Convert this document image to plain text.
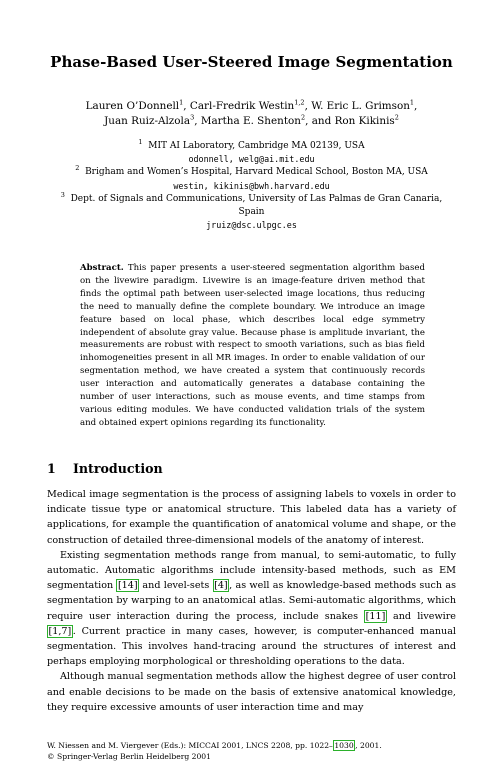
Phase-Based User-Steered Image Segmentation
Lauren O’Donnell$^1$, Carl-Fredrik Westin$^{1,2}$, W. Eric L. Grimson$^1$,
Juan Ruiz-Alzola$^3$, Martha E. Shenton$^2$, and Ron Kikinis$^2$
$^1$ MIT AI Laboratory, Cambridge MA 02139, USA
odonnell, welg@ai.mit.edu
$^2$ Brigham and Women’s Hospital, Harvard Medical School, Boston MA, USA
westin, kikinis@bwh.harvard.edu
$^3$ Dept. of Signals and Communications, University of Las Palmas de Gran Canaria,
Spain
jruiz@dsc.ulpgc.es
Abstract. This paper presents a user-steered segmentation algorithm based on the livewire paradigm. Livewire is an image-feature driven method that finds the optimal path between user-selected image locations, thus reducing the need to manually define the complete boundary. We introduce an image feature based on local phase, which describes local edge symmetry independent of absolute gray value. Because phase is amplitude invariant, the measurements are robust with respect to smooth variations, such as bias field inhomogeneities present in all MR images. In order to enable validation of our segmentation method, we have created a system that continuously records user interaction and automatically generates a database containing the number of user interactions, such as mouse events, and time stamps from various editing modules. We have conducted validation trials of the system and obtained expert opinions regarding its functionality.
1 Introduction

Medical image segmentation is the process of assigning labels to voxels in order to indicate tissue type or anatomical structure. This labeled data has a variety of applications, for example the quantification of anatomical volume and shape, or the construction of detailed three-dimensional models of the anatomy of interest.

Existing segmentation methods range from manual, to semi-automatic, to fully automatic. Automatic algorithms include intensity-based methods, such as EM segmentation [14] and level-sets [4] , as well as knowledge-based methods such as segmentation by warping to an anatomical atlas. Semi-automatic algorithms, which require user interaction during the process, include snakes [11] and livewire [1,7] . Current practice in many cases, however, is computer-enhanced manual segmentation. This involves hand-tracing around the structures of interest and perhaps employing morphological or thresholding operations to the data.

Although manual segmentation methods allow the highest degree of user control and enable decisions to be made on the basis of extensive anatomical knowledge, they require excessive amounts of user interaction time and may

W. Niessen and M. Viergever (Eds.): MICCAI 2001, LNCS 2208, pp. 1022– 1030 , 2001.
© Springer-Verlag Berlin Heidelberg 2001
